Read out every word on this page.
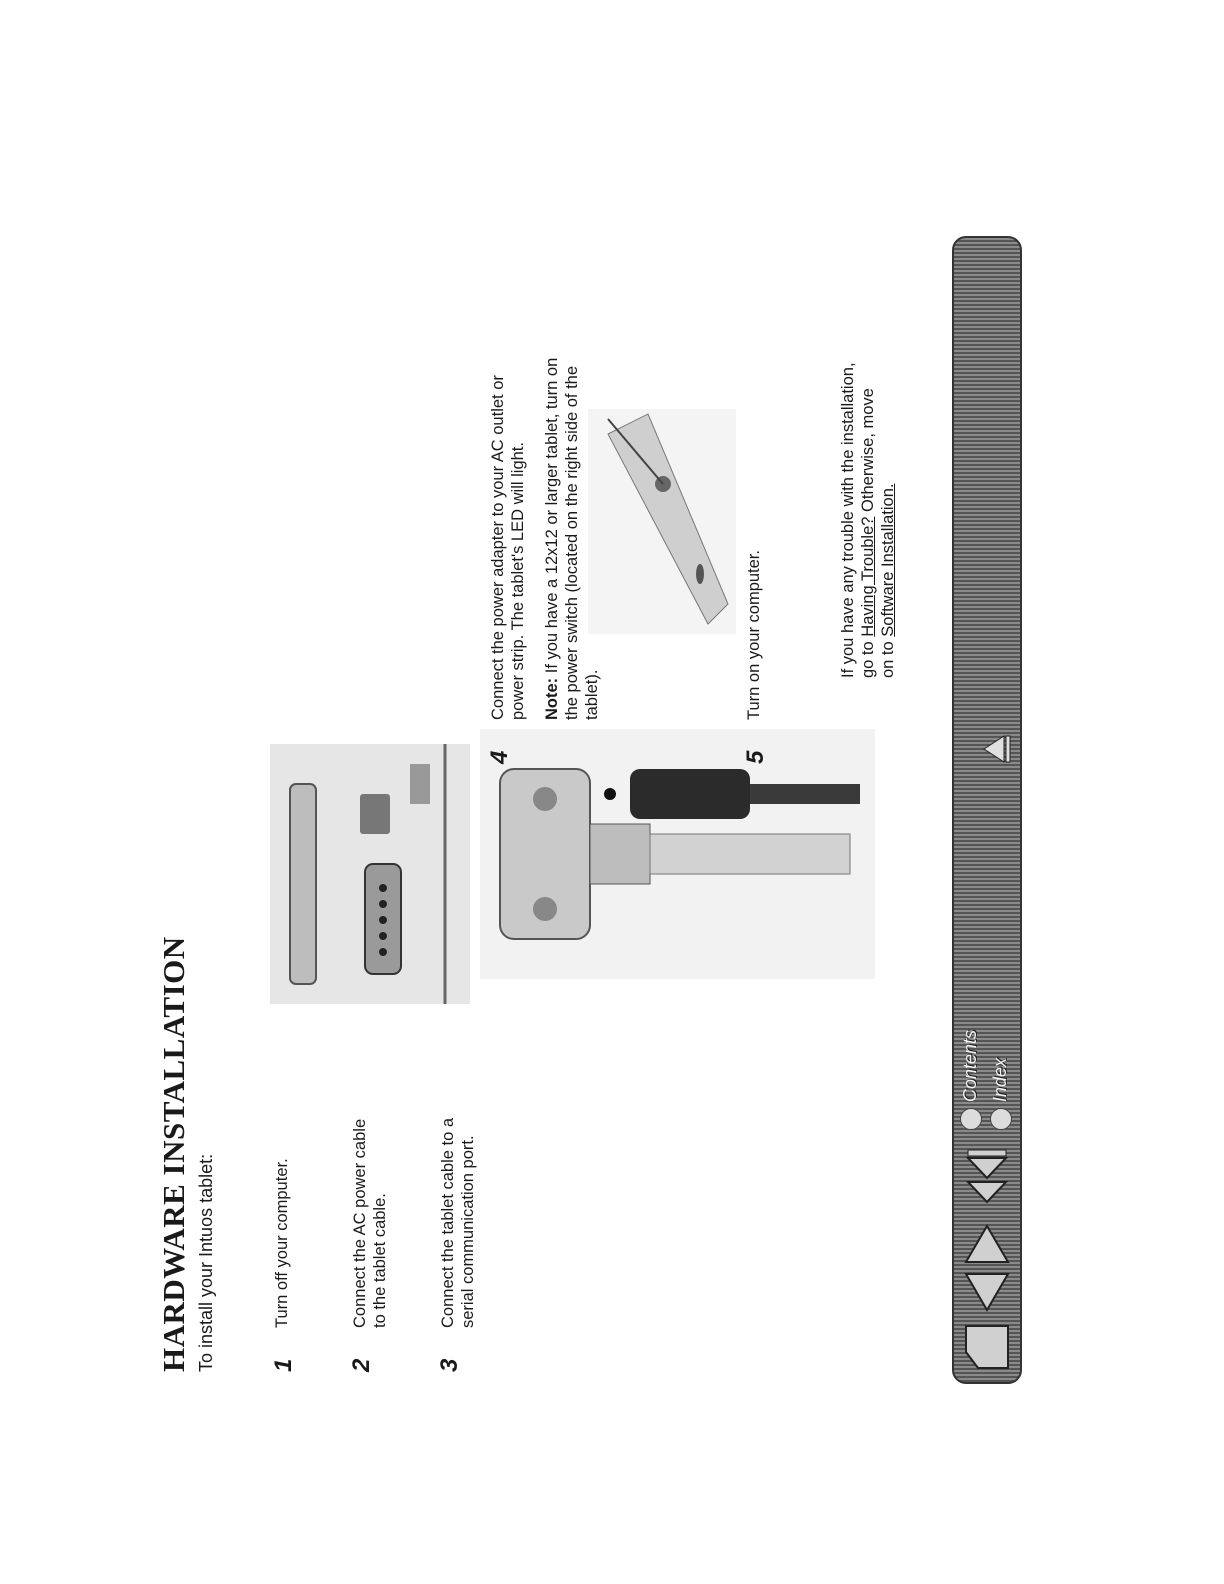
HARDWARE INSTALLATION To install your Intuos tablet: 1
Turn off your computer.
2
Connect the AC power cable to the tablet cable.
3
Connect the tablet cable to a serial communication port.
4

Connect the power adapter to your AC outlet or power strip. The tablet's LED will light. Note: If you have a 12x12 or larger tablet, turn on the power switch (located on the right side of the tablet).

5
Turn on your computer.	If you have any trouble with the installation, go to Having Trouble? Otherwise, move
on to Software Installation.
Contents Index
